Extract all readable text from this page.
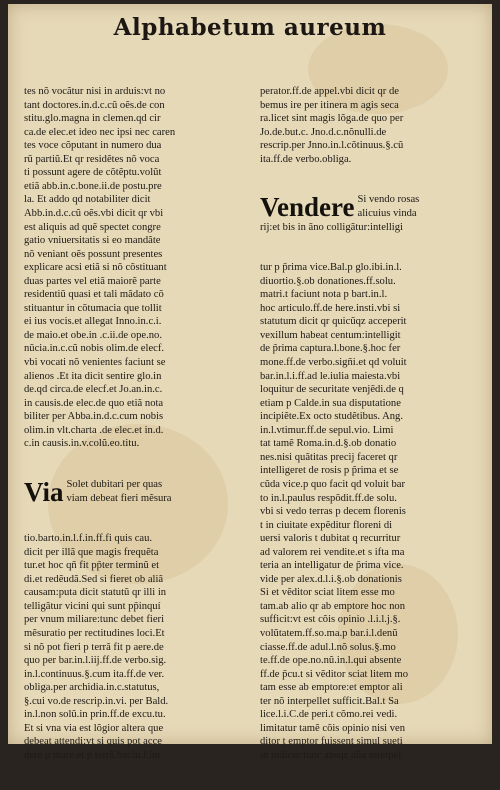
Alphabetum aureum

tes nõ vocãtur nisi in arduis:vt no
tant doctores.in.d.c.cũ oẽs.de con
stitu.glo.magna in clemen.qd cir
ca.de elec.et ideo nec ipsi nec caren
tes voce cõputant in numero dua
rũ partiũ.Et qr residẽtes nõ voca
ti possunt agere de cõtẽptu.volũt
etiã abb.in.c.bone.ii.de postu.pre
la. Et addo qd notabiliter dicit
Abb.in.d.c.cũ oẽs.vbi dicit qr vbi
est aliquis ad quẽ spectet congre
gatio vniuersitatis si eo mandãte
nõ veniant oẽs possunt presentes
explicare acsi etiã si nõ cõstituant
duas partes vel etiã maiorẽ parte
residentiũ quasi et tali mãdato cõ
stituantur in cõtumacia que tollit
ei ius vocis.et allegat Inno.in.c.i.
de maio.et obe.in .c.ii.de ope.no.
nũcia.in.c.cũ nobis olim.de elecf.
vbi vocati nõ venientes faciunt se
alienos .Et ita dicit sentire glo.in
de.qd circa.de elecf.et Jo.an.in.c.
in causis.de elec.de quo etiã nota
biliter per Abba.in.d.c.cum nobis
olim.in vlt.charta .de elec.et in.d.
c.in causis.in.v.colũ.eo.titu.

Via Solet dubitari per quas
viam debeat fieri mẽsura

tio.barto.in.l.f.in.ff.fi quis cau.
dicit per illã que magis frequẽta
tur.et hoc qñ fit pp̃ter terminũ et
di.et redẽudã.Sed si fieret ob aliã
causam:puta dicit statutũ qr illi in
telligãtur vicini qui sunt pp̃inquí
per vnum miliare:tunc debet fieri
mẽsuratio per rectitudines loci.Et
si nõ pot fieri p terrã fit p aere.de
quo per bar.in.l.iij.ff.de verbo.sig.
in.l.continuus.§.cum ita.ff.de ver.
obliga.per archidia.in.c.statutus,
§.cui vo.de rescrip.in.vi. per Bald.
in.l.non solũ.in prin.ff.de excu.tu.
Et si vna via est lõgior altera que
debeat attendi:vt si quis pot acce
dere p mare.et p terrã.bar.in.l.im

perator.ff.de appel.vbi dicit qr de
bemus ire per itinera m agis seca
ra.licet sint magis lõga.de quo per
Jo.de.but.c. Jno.d.c.nõnulli.de
rescrip.per Jnno.in.l.cõtinuus.§.cũ
ita.ff.de verbo.obliga.

Vendere Si vendo rosas
alicuius vinda
rij:et bis in ãno colligãtur:intelligi

tur p p̃rima vice.Bal.p glo.ibi.in.l.
diuortio.§.ob donationes.ff.solu.
matri.t faciunt nota p bart.in.l.
hoc articulo.ff.de here.insti.vbi si
statutum dicit qr quicũqz acceperit
vexillum habeat centum:intelligit
de p̃rima captura.l.bone.§.hoc fer
mone.ff.de verbo.sigñi.et qd voluit
bar.in.l.i.ff.ad le.iulia maiesta.vbi
loquitur de securitate venjẽdi.de q
etiam p Calde.in sua disputatione
incipiẽte.Ex octo studẽtibus. Ang.
in.l.vtimur.ff.de sepul.vio. Limi
tat tamẽ Roma.in.d.§.ob donatio
nes.nisi quãtitas precij faceret qr
intelligeret de rosis p p̃rima et se
cũda vice.p quo facit qd voluit bar
to in.l.paulus respõdit.ff.de solu.
vbi si vedo terras p decem florenis
t in ciuitate expẽditur floreni di
uersi valoris t dubitat q recurritur
ad valorem rei vendite.et s ifta ma
teria an intelligatur de p̃rima vice.
vide per alex.d.l.i.§.ob donationis
Si et vẽditor sciat litem esse mo
tam.ab alio qr ab emptore hoc non
sufficit:vt est cõis opinio .l.i.l.j.§.
volũtatem.ff.so.ma.p bar.i.l.denũ
ciasse.ff.de adul.l.nõ solus.§.mo
te.ff.de ope.no.nũ.in.l.qui absente
ff.de p̃cu.t si vẽditor sciat litem mo
tam esse ab emptore:et emptor ali
ter nõ interpellet sufficit.Bal.t Sa
lice.l.i.C.de peri.t cõmo.rei vedi.
limitatur tamẽ cõis opinio nisi ven
ditor t emptor fuissent simul sueti
in iudicio:tunc absqz alia interpel
